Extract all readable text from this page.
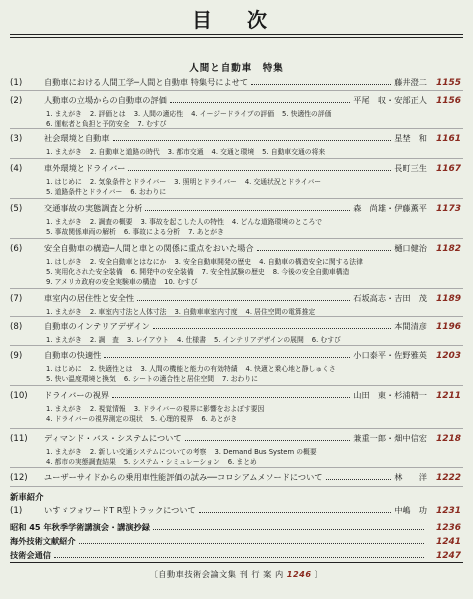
目 次
人間と自動車　特集
(1)	自動車における人間工学─人間と自動車 特集号によせて	藤井澄二 1155
(2)	人動車の立場からの自動車の評価	平尾　収・安部正人 1156
1. まえがき 2. 評価とは 3. 人間の適応性 4. イージードライブの評価 5. 快適性の評価
6. 運転者と負担と予防安全 7. むすび
(3)	社会環境と自動車	星埜　和 1161
1. まえがき 2. 自動車と道路の時代 3. 都市交通 4. 交通と環境 5. 自動車交通の将来
(4)	車外環境とドライバー	長町三生 1167
1. はじめに 2. 気象条件とドライバー 3. 照明とドライバー 4. 交通状況とドライバー
5. 道路条件とドライバー 6. おわりに
(5)	交通事故の実態調査と分析	森　尚雄・伊藤薫平 1173
1. まえがき 2. 調査の概要 3. 事故を起こした人の特性 4. どんな道路環境のところで
5. 事故関係車両の解析 6. 事故による分析 7. あとがき
(6)	安全自動車の構造─人間と車との関係に重点をおいた場合	樋口健治 1182
1. はしがき 2. 安全自動車とはなにか 3. 安全自動車開発の歴史 4. 自動車の構造安全に関する法律
5. 実用化された安全装備 6. 開発中の安全装備 7. 安全性試験の歴史 8. 今後の安全自動車構造
9. アメリカ政府の安全実験車の構造 10. むすび
(7)	車室内の居住性と安全性	石坂高志・吉田　茂 1189
1. まえがき 2. 車室内寸法と人体寸法 3. 自動車車室内寸度 4. 居住空間の電算推定
(8)	自動車のインテリアデザイン	本間清彦 1196
1. まえがき 2. 調　査 3. レイアウト 4. 仕様書 5. インテリアデザインの展開 6. むすび
(9)	自動車の快適性	小口泰平・佐野雅英 1203
1. はじめに 2. 快適性とは 3. 人間の機能と能力の有効特績 4. 快適と乗心地と静しゅくさ
5. 快い温度環境と換気 6. シートの適合性と居住空間 7. おわりに
(10)	ドライバーの視界	山田　東・杉浦精一 1211
1. まえがき 2. 視覚情報 3. ドライバーの視界に影響をおよぼす要因
4. ドライバーの視界測定の現状 5. 心理的視界 6. あとがき
(11)	ディマンド・バス・システムについて	兼重一郎・畑中信宏 1218
1. まえがき 2. 新しい交通システムについての考察 3. Demand Bus System の概要
4. 都市の実態調査結果 5. システム・シミュレーション 6. まとめ
(12)	ユーザーサイドからの乗用車性能評価の試み──コロシアムメソードについて	林　　洋 1222
新車紹介
(1)	いすゞフォワードT R型トラックについて	中嶋　功 1231
昭和 45 年秋季学術講演会・講演抄録	1236
海外技術文献紹介	1241
技術会通信	1247
〔自動車技術会論文集 刊 行 案 内 1246 〕
